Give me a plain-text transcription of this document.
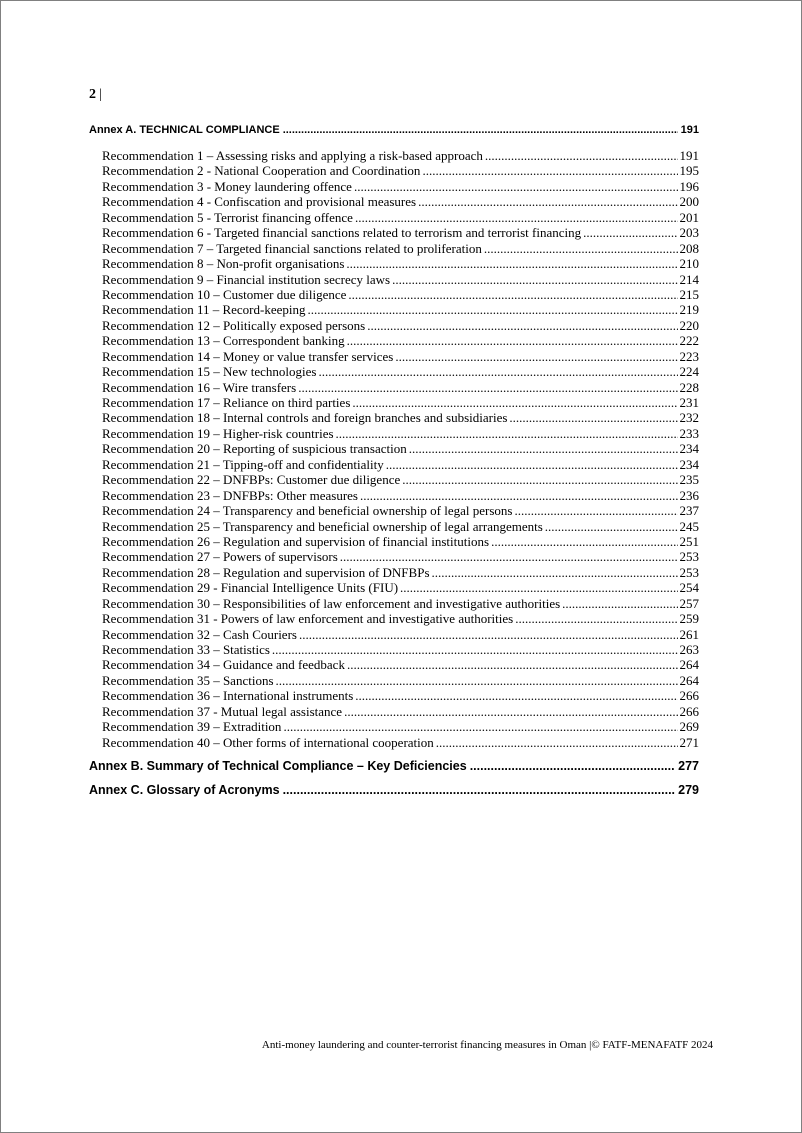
2 |
Annex A. TECHNICAL COMPLIANCE .....	191
Recommendation 1 – Assessing risks and applying a risk-based approach .....	191
Recommendation 2 - National Cooperation and Coordination .....	195
Recommendation 3 - Money laundering offence .....	196
Recommendation 4 - Confiscation and provisional measures .....	200
Recommendation 5 - Terrorist financing offence .....	201
Recommendation 6 - Targeted financial sanctions related to terrorism and terrorist financing .....	203
Recommendation 7 – Targeted financial sanctions related to proliferation .....	208
Recommendation 8 – Non-profit organisations .....	210
Recommendation 9 – Financial institution secrecy laws .....	214
Recommendation 10 – Customer due diligence .....	215
Recommendation 11 – Record-keeping .....	219
Recommendation 12 – Politically exposed persons .....	220
Recommendation 13 – Correspondent banking .....	222
Recommendation 14 – Money or value transfer services .....	223
Recommendation 15 – New technologies .....	224
Recommendation 16 – Wire transfers .....	228
Recommendation 17 – Reliance on third parties .....	231
Recommendation 18 – Internal controls and foreign branches and subsidiaries .....	232
Recommendation 19 – Higher-risk countries .....	233
Recommendation 20 – Reporting of suspicious transaction .....	234
Recommendation 21 – Tipping-off and confidentiality .....	234
Recommendation 22 – DNFBPs: Customer due diligence .....	235
Recommendation 23 – DNFBPs: Other measures .....	236
Recommendation 24 – Transparency and beneficial ownership of legal persons .....	237
Recommendation 25 – Transparency and beneficial ownership of legal arrangements .....	245
Recommendation 26 – Regulation and supervision of financial institutions .....	251
Recommendation 27 – Powers of supervisors .....	253
Recommendation 28 – Regulation and supervision of DNFBPs .....	253
Recommendation 29 - Financial Intelligence Units (FIU) .....	254
Recommendation 30 – Responsibilities of law enforcement and investigative authorities .....	257
Recommendation 31 - Powers of law enforcement and investigative authorities .....	259
Recommendation 32 – Cash Couriers .....	261
Recommendation 33 – Statistics .....	263
Recommendation 34 – Guidance and feedback .....	264
Recommendation 35 – Sanctions .....	264
Recommendation 36 – International instruments .....	266
Recommendation 37 - Mutual legal assistance .....	266
Recommendation 39 – Extradition .....	269
Recommendation 40 – Other forms of international cooperation .....	271
Annex B. Summary of Technical Compliance – Key Deficiencies .....	277
Annex C. Glossary of Acronyms .....	279
Anti-money laundering and counter-terrorist financing measures in Oman |© FATF-MENAFATF 2024
